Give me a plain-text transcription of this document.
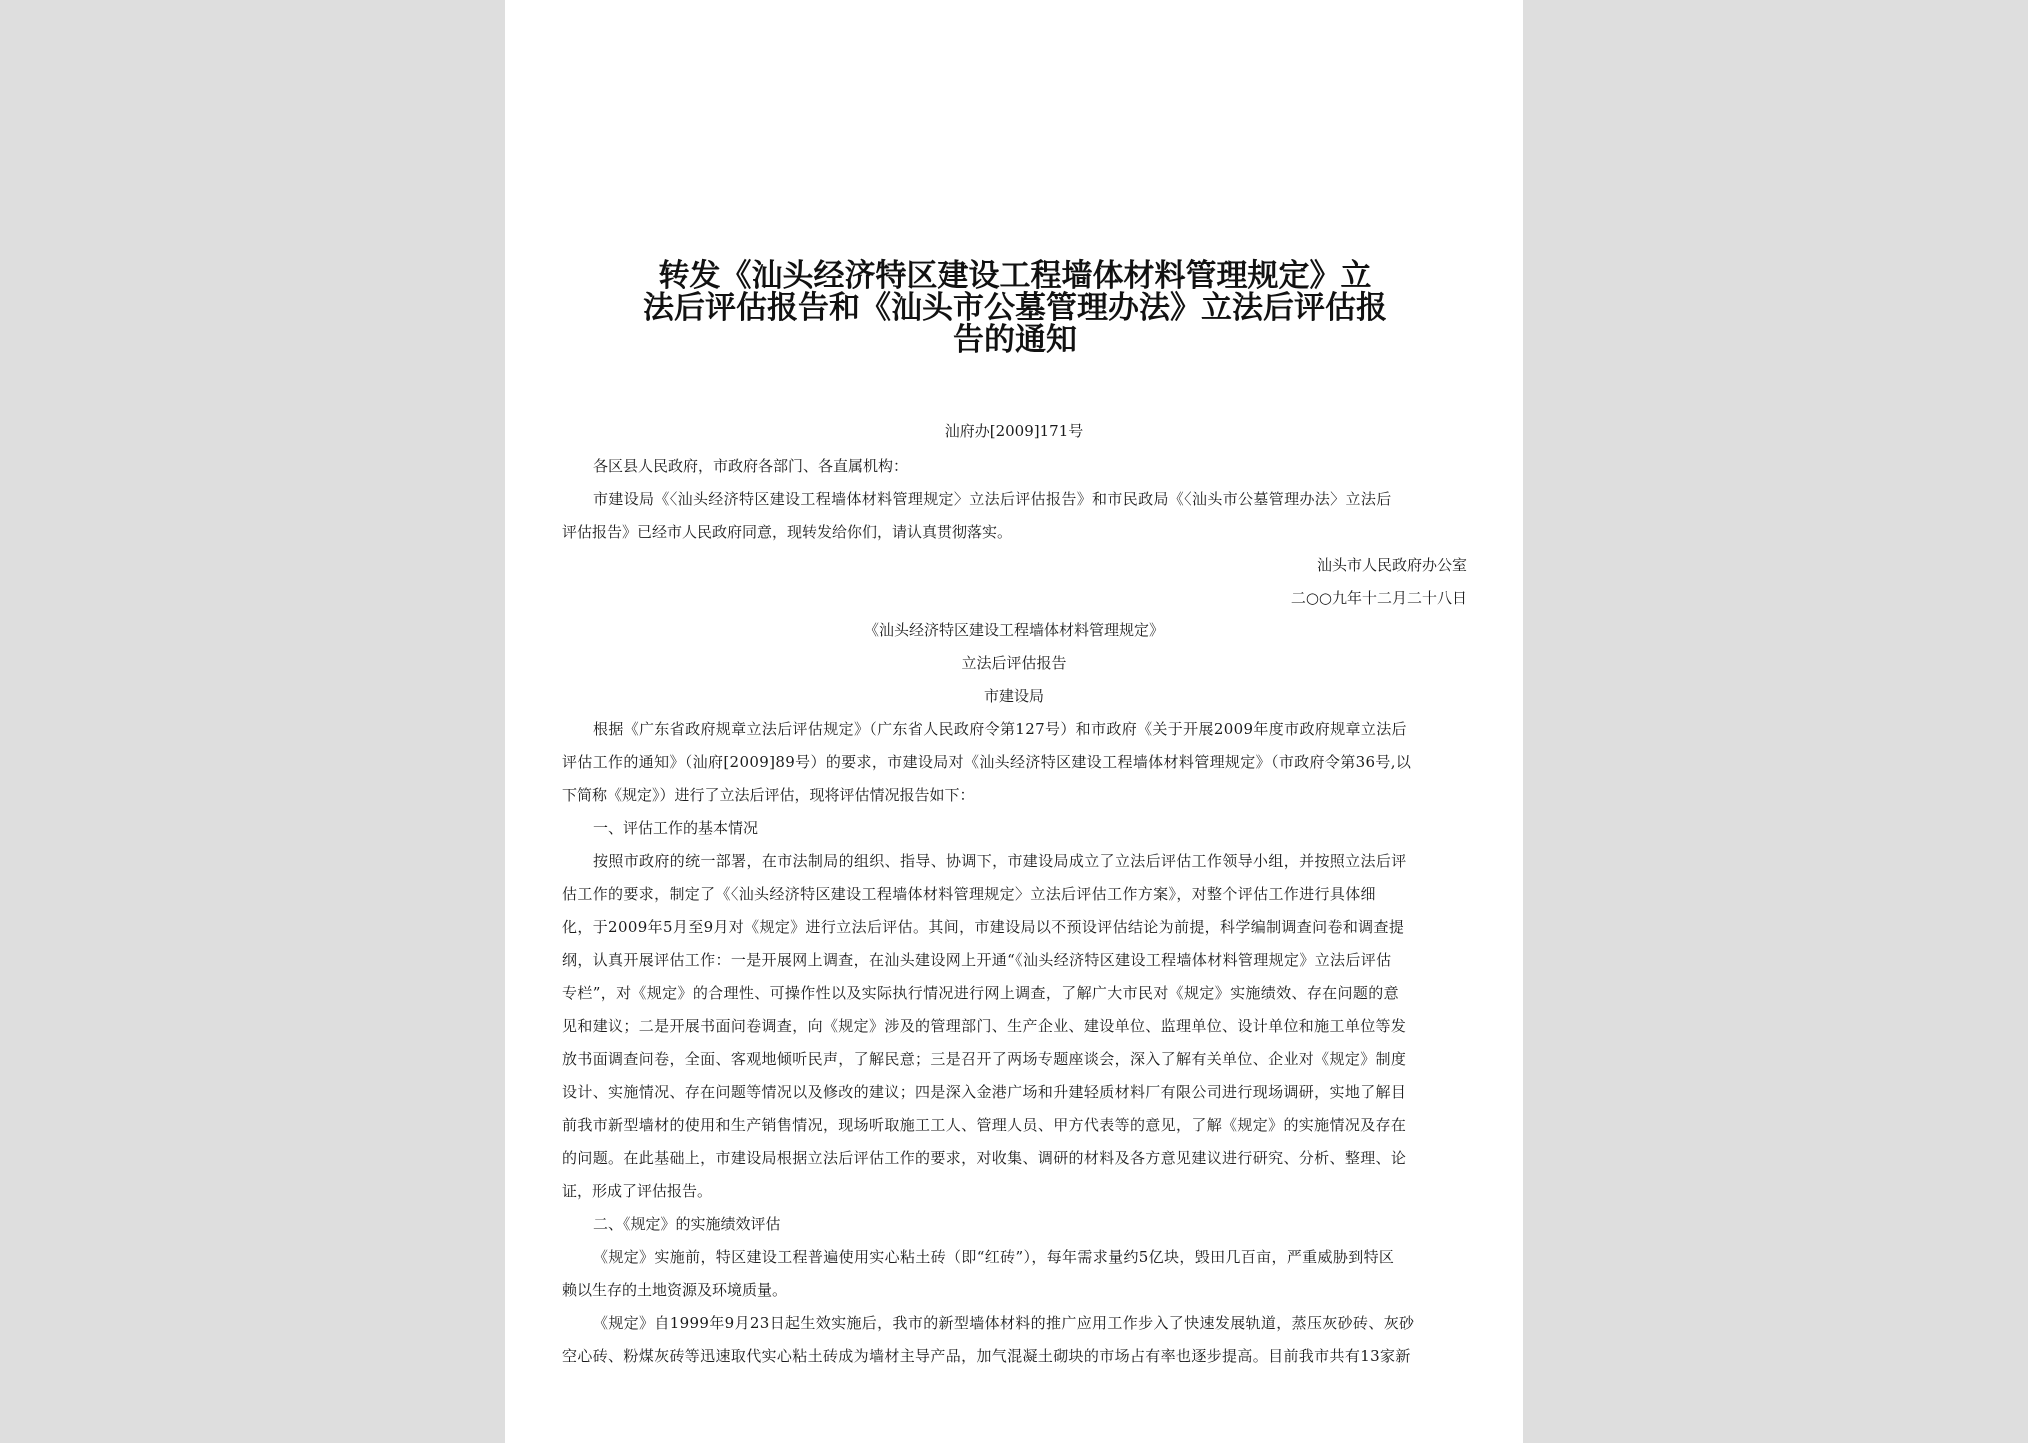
转发《汕头经济特区建设工程墙体材料管理规定》立
法后评估报告和《汕头市公墓管理办法》立法后评估报
告的通知
汕府办[2009]171号
各区县人民政府，市政府各部门、各直属机构：
市建设局《〈汕头经济特区建设工程墙体材料管理规定〉立法后评估报告》和市民政局《〈汕头市公墓管理办法〉立法后
评估报告》已经市人民政府同意，现转发给你们，请认真贯彻落实。
汕头市人民政府办公室
二○○九年十二月二十八日
《汕头经济特区建设工程墙体材料管理规定》
立法后评估报告
市建设局
根据《广东省政府规章立法后评估规定》（广东省人民政府令第127号）和市政府《关于开展2009年度市政府规章立法后
评估工作的通知》（汕府[2009]89号）的要求，市建设局对《汕头经济特区建设工程墙体材料管理规定》（市政府令第36号,以
下简称《规定》）进行了立法后评估，现将评估情况报告如下：
一、评估工作的基本情况
按照市政府的统一部署，在市法制局的组织、指导、协调下，市建设局成立了立法后评估工作领导小组，并按照立法后评
估工作的要求，制定了《〈汕头经济特区建设工程墙体材料管理规定〉立法后评估工作方案》，对整个评估工作进行具体细
化，于2009年5月至9月对《规定》进行立法后评估。其间，市建设局以不预设评估结论为前提，科学编制调查问卷和调查提
纲，认真开展评估工作：一是开展网上调查，在汕头建设网上开通“《汕头经济特区建设工程墙体材料管理规定》立法后评估
专栏”，对《规定》的合理性、可操作性以及实际执行情况进行网上调查，了解广大市民对《规定》实施绩效、存在问题的意
见和建议；二是开展书面问卷调查，向《规定》涉及的管理部门、生产企业、建设单位、监理单位、设计单位和施工单位等发
放书面调查问卷，全面、客观地倾听民声，了解民意；三是召开了两场专题座谈会，深入了解有关单位、企业对《规定》制度
设计、实施情况、存在问题等情况以及修改的建议；四是深入金港广场和升建轻质材料厂有限公司进行现场调研，实地了解目
前我市新型墙材的使用和生产销售情况，现场听取施工工人、管理人员、甲方代表等的意见，了解《规定》的实施情况及存在
的问题。在此基础上，市建设局根据立法后评估工作的要求，对收集、调研的材料及各方意见建议进行研究、分析、整理、论
证，形成了评估报告。
二、《规定》的实施绩效评估
《规定》实施前，特区建设工程普遍使用实心粘土砖（即“红砖”），每年需求量约5亿块，毁田几百亩，严重威胁到特区
赖以生存的土地资源及环境质量。
《规定》自1999年9月23日起生效实施后，我市的新型墙体材料的推广应用工作步入了快速发展轨道，蒸压灰砂砖、灰砂
空心砖、粉煤灰砖等迅速取代实心粘土砖成为墙材主导产品，加气混凝土砌块的市场占有率也逐步提高。目前我市共有13家新
